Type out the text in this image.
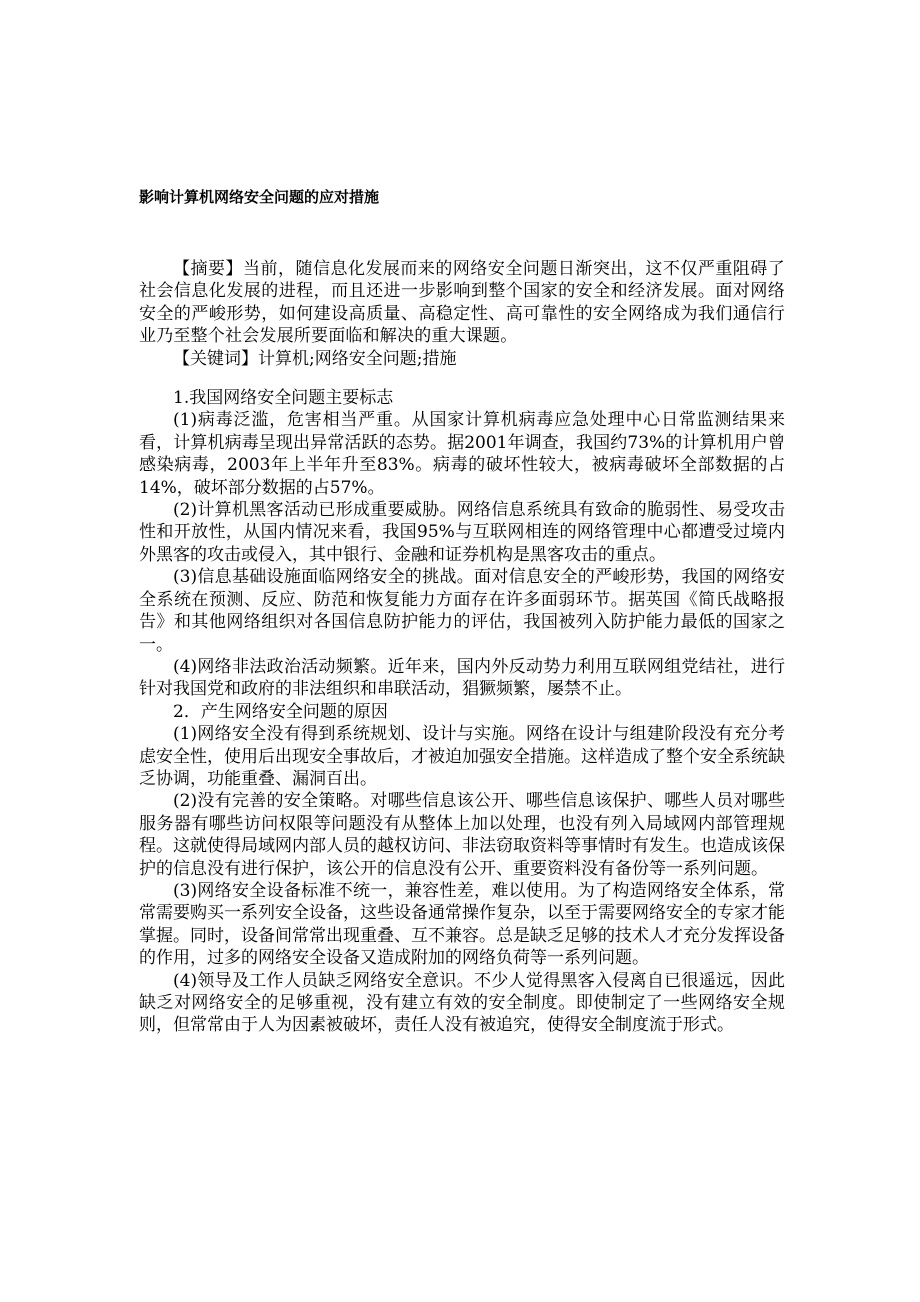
影响计算机网络安全问题的应对措施

【摘要】当前，随信息化发展而来的网络安全问题日渐突出，这不仅严重阻碍了社会信息化发展的进程，而且还进一步影响到整个国家的安全和经济发展。面对网络安全的严峻形势，如何建设高质量、高稳定性、高可靠性的安全网络成为我们通信行业乃至整个社会发展所要面临和解决的重大课题。

【关键词】计算机;网络安全问题;措施

1.我国网络安全问题主要标志

(1)病毒泛滥，危害相当严重。从国家计算机病毒应急处理中心日常监测结果来看，计算机病毒呈现出异常活跃的态势。据2001年调查，我国约73%的计算机用户曾感染病毒，2003年上半年升至83%。病毒的破坏性较大，被病毒破坏全部数据的占14%，破坏部分数据的占57%。

(2)计算机黑客活动已形成重要威胁。网络信息系统具有致命的脆弱性、易受攻击性和开放性，从国内情况来看，我国95%与互联网相连的网络管理中心都遭受过境内外黑客的攻击或侵入，其中银行、金融和证券机构是黑客攻击的重点。

(3)信息基础设施面临网络安全的挑战。面对信息安全的严峻形势，我国的网络安全系统在预测、反应、防范和恢复能力方面存在许多面弱环节。据英国《简氏战略报告》和其他网络组织对各国信息防护能力的评估，我国被列入防护能力最低的国家之一。

(4)网络非法政治活动频繁。近年来，国内外反动势力利用互联网组党结社，进行针对我国党和政府的非法组织和串联活动，猖獗频繁，屡禁不止。

2．产生网络安全问题的原因

(1)网络安全没有得到系统规划、设计与实施。网络在设计与组建阶段没有充分考虑安全性，使用后出现安全事故后，才被迫加强安全措施。这样造成了整个安全系统缺乏协调，功能重叠、漏洞百出。

(2)没有完善的安全策略。对哪些信息该公开、哪些信息该保护、哪些人员对哪些服务器有哪些访问权限等问题没有从整体上加以处理，也没有列入局域网内部管理规程。这就使得局域网内部人员的越权访问、非法窃取资料等事情时有发生。也造成该保护的信息没有进行保护，该公开的信息没有公开、重要资料没有备份等一系列问题。

(3)网络安全设备标准不统一，兼容性差，难以使用。为了构造网络安全体系，常常需要购买一系列安全设备，这些设备通常操作复杂，以至于需要网络安全的专家才能掌握。同时，设备间常常出现重叠、互不兼容。总是缺乏足够的技术人才充分发挥设备的作用，过多的网络安全设备又造成附加的网络负荷等一系列问题。

(4)领导及工作人员缺乏网络安全意识。不少人觉得黑客入侵离自已很遥远，因此缺乏对网络安全的足够重视，没有建立有效的安全制度。即使制定了一些网络安全规则，但常常由于人为因素被破坏，责任人没有被追究，使得安全制度流于形式。
